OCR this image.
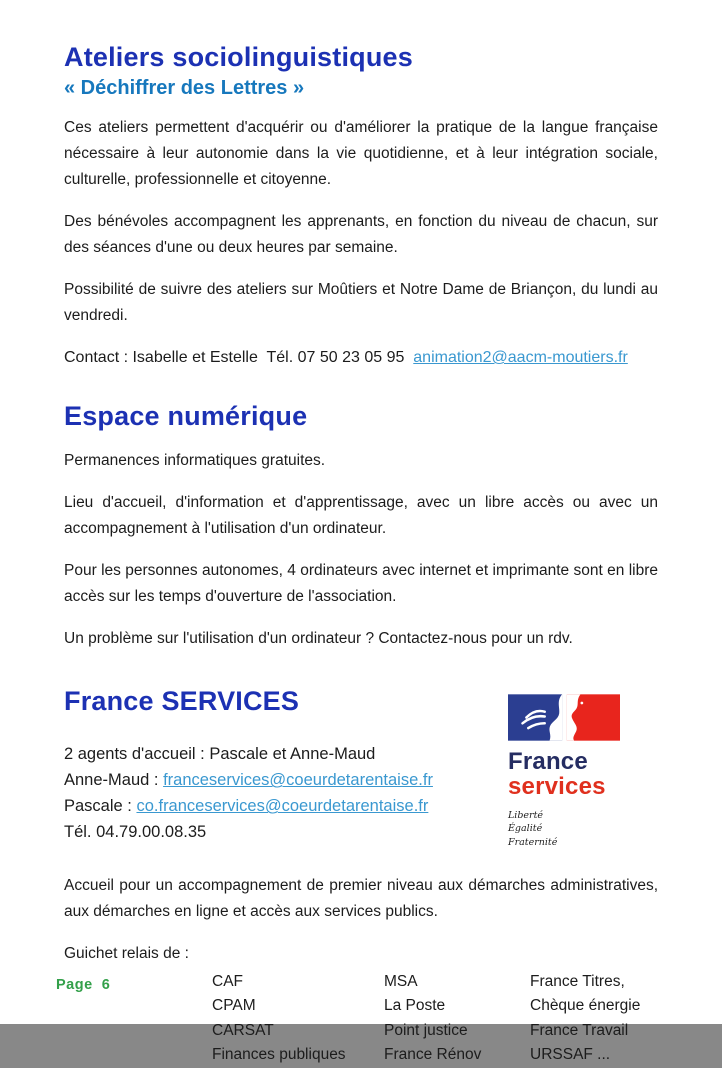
Ateliers sociolinguistiques
« Déchiffrer des Lettres »

Ces ateliers permettent d'acquérir ou d'améliorer la pratique de la langue française nécessaire à leur autonomie dans la vie quotidienne, et à leur intégration sociale, culturelle, professionnelle et citoyenne.

Des bénévoles accompagnent les apprenants, en fonction du niveau de chacun, sur des séances d'une ou deux heures par semaine.

Possibilité de suivre des ateliers sur Moûtiers et Notre Dame de Briançon, du lundi au vendredi.

Contact : Isabelle et Estelle  Tél. 07 50 23 05 95  animation2@aacm-moutiers.fr
Espace numérique

Permanences informatiques gratuites.

Lieu d'accueil, d'information et d'apprentissage, avec un libre accès ou avec un accompagnement à l'utilisation d'un ordinateur.

Pour les personnes autonomes, 4 ordinateurs avec internet et imprimante sont en libre accès sur les temps d'ouverture de l'association.

Un problème sur l'utilisation d'un ordinateur ? Contactez-nous pour un rdv.

France SERVICES
2 agents d'accueil : Pascale et Anne-Maud
Anne-Maud : franceservices@coeurdetarentaise.fr
Pascale : co.franceservices@coeurdetarentaise.fr
Tél. 04.79.00.08.35
France
services
Liberté
Égalité
Fraternité

Accueil pour un accompagnement de premier niveau aux démarches administratives, aux démarches en ligne et accès aux services publics.

Guichet relais de :
CAF	MSA	France Titres,
CPAM	La Poste	Chèque énergie
CARSAT	Point justice	France Travail
Finances publiques	France Rénov	URSSAF ...
Page  6
